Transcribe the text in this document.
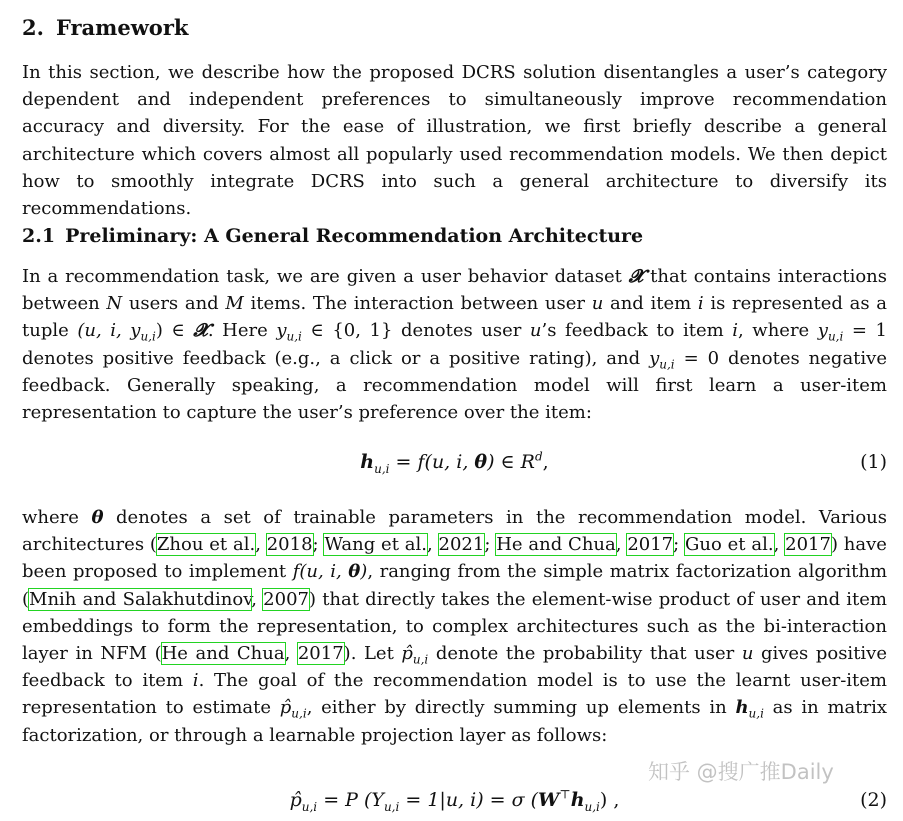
2. Framework

In this section, we describe how the proposed DCRS solution disentangles a user’s category dependent and independent preferences to simultaneously improve recommendation accuracy and diversity. For the ease of illustration, we first briefly describe a general architecture which covers almost all popularly used recommendation models. We then depict how to smoothly integrate DCRS into such a general architecture to diversify its recommendations.

2.1 Preliminary: A General Recommendation Architecture

In a recommendation task, we are given a user behavior dataset 𝓧 that contains interactions between N users and M items. The interaction between user u and item i is represented as a tuple (u, i, $y_{u,i}$) ∈ 𝓧. Here $y_{u,i}$ ∈ {0, 1} denotes user u’s feedback to item i, where $y_{u,i} = 1$ denotes positive feedback (e.g., a click or a positive rating), and $y_{u,i} = 0$ denotes negative feedback. Generally speaking, a recommendation model will first learn a user-item representation to capture the user’s preference over the item:

$h_{u,i} = f(u$, i, θ) ∈ $R^d$,	(1)

where θ denotes a set of trainable parameters in the recommendation model. Various architectures (Zhou et al., 2018; Wang et al., 2021; He and Chua, 2017; Guo et al., 2017) have been proposed to implement f(u, i, θ), ranging from the simple matrix factorization algorithm (Mnih and Salakhutdinov, 2007) that directly takes the element-wise product of user and item embeddings to form the representation, to complex architectures such as the bi-interaction layer in NFM (He and Chua, 2017). Let $p̂_{u,i}$ denote the probability that user u gives positive feedback to item i. The goal of the recommendation model is to use the learnt user-item representation to estimate $p̂_{u,i}$, either by directly summing up elements in $h_{u,i}$ as in matrix factorization, or through a learnable projection layer as follows:

$p̂_{u,i} = P$ ($Y_{u,i} = 1|u$, i) = σ $(W^⊤h_{u,i})$ ,	(2)
知乎 @搜广推Daily
